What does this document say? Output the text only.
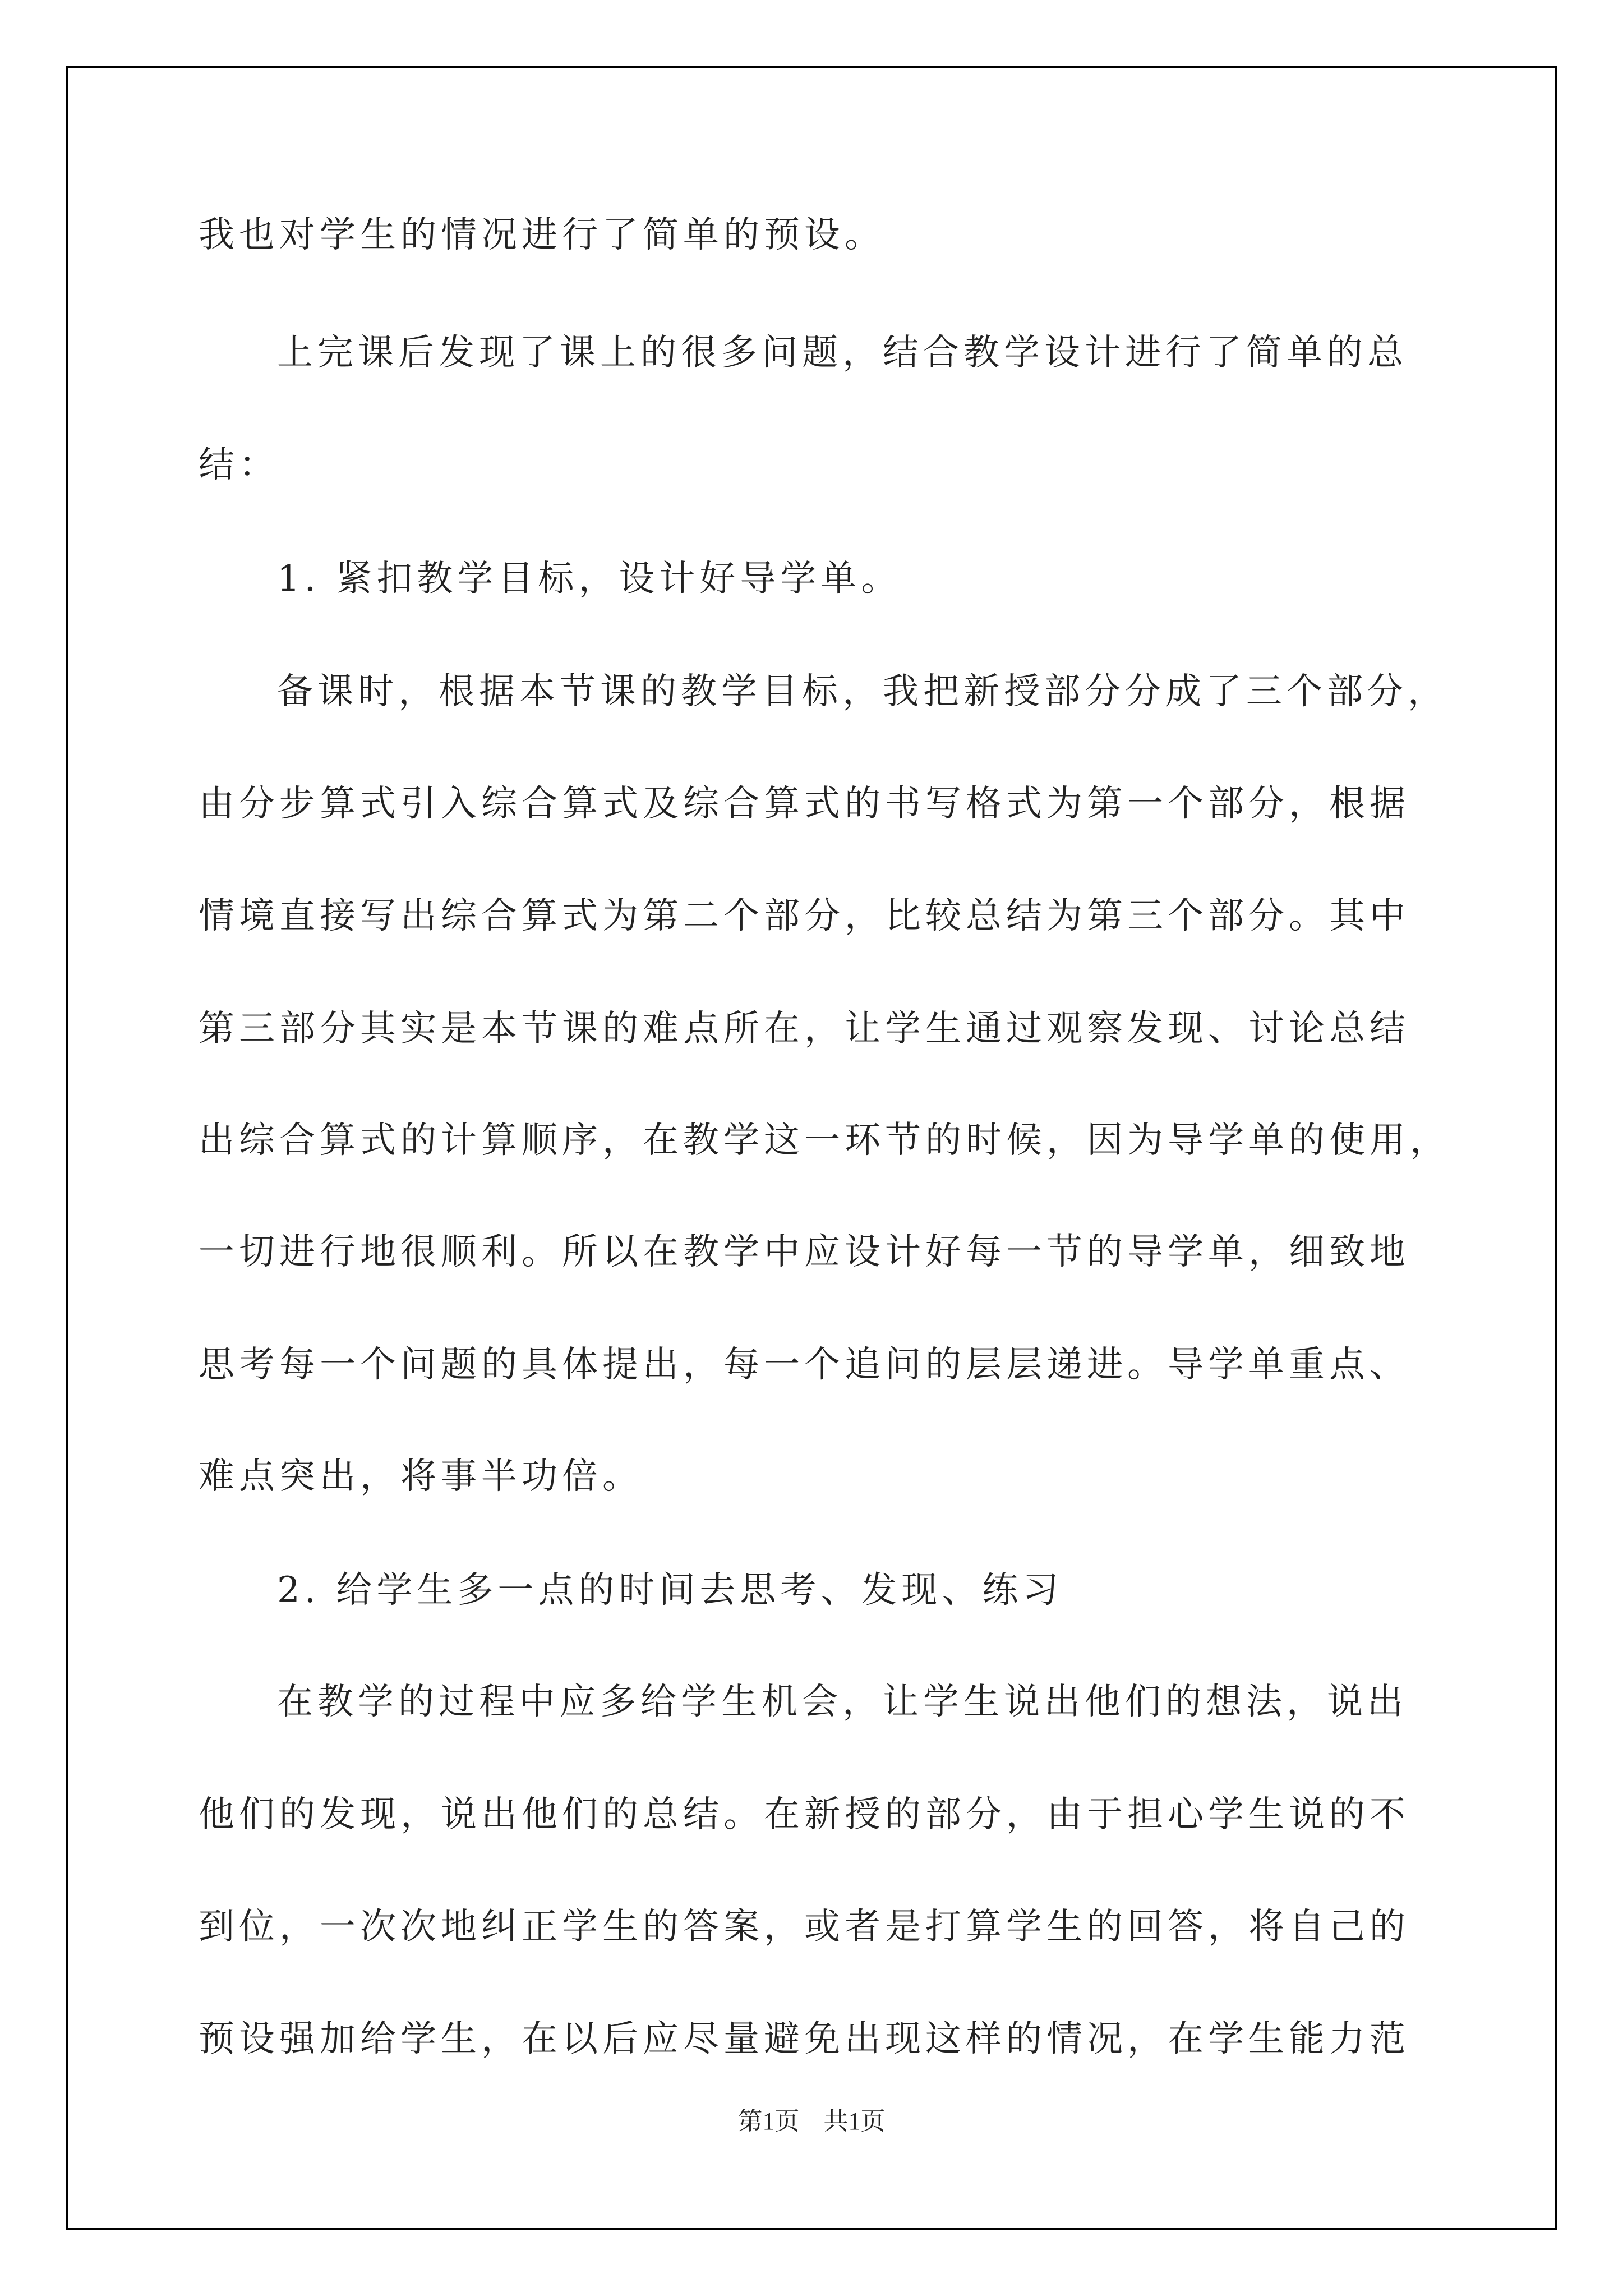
我也对学生的情况进行了简单的预设。
上完课后发现了课上的很多问题，结合教学设计进行了简单的总
结：
1. 紧扣教学目标，设计好导学单。
备课时，根据本节课的教学目标，我把新授部分分成了三个部分，
由分步算式引入综合算式及综合算式的书写格式为第一个部分，根据
情境直接写出综合算式为第二个部分，比较总结为第三个部分。其中
第三部分其实是本节课的难点所在，让学生通过观察发现、讨论总结
出综合算式的计算顺序，在教学这一环节的时候，因为导学单的使用，
一切进行地很顺利。所以在教学中应设计好每一节的导学单，细致地
思考每一个问题的具体提出，每一个追问的层层递进。导学单重点、
难点突出，将事半功倍。
2. 给学生多一点的时间去思考、发现、练习
在教学的过程中应多给学生机会，让学生说出他们的想法，说出
他们的发现，说出他们的总结。在新授的部分，由于担心学生说的不
到位，一次次地纠正学生的答案，或者是打算学生的回答，将自己的
预设强加给学生，在以后应尽量避免出现这样的情况，在学生能力范
第1页 共1页
